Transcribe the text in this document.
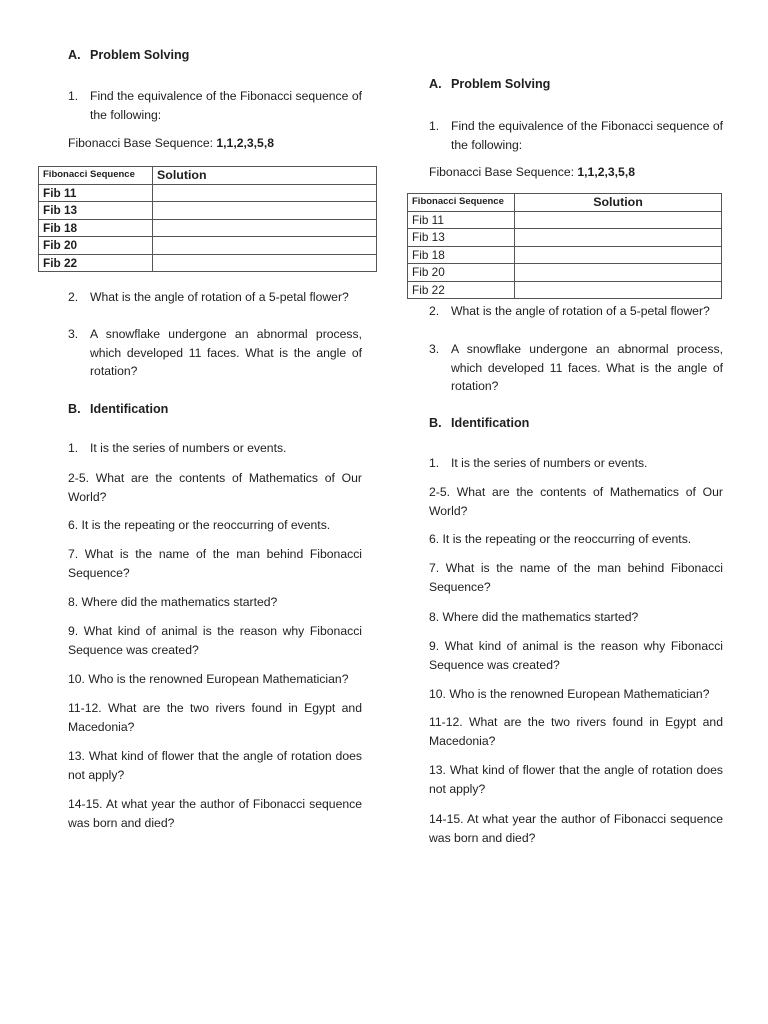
A. Problem Solving
1. Find the equivalence of the Fibonacci sequence of the following:
Fibonacci Base Sequence: 1,1,2,3,5,8
2. What is the angle of rotation of a 5-petal flower?
3. A snowflake undergone an abnormal process, which developed 11 faces. What is the angle of rotation?
B. Identification
1. It is the series of numbers or events.
2-5. What are the contents of Mathematics of Our World?
6. It is the repeating or the reoccurring of events.
7. What is the name of the man behind Fibonacci Sequence?
8. Where did the mathematics started?
9. What kind of animal is the reason why Fibonacci Sequence was created?
10. Who is the renowned European Mathematician?
11-12. What are the two rivers found in Egypt and Macedonia?
13. What kind of flower that the angle of rotation does not apply?
14-15. At what year the author of Fibonacci sequence was born and died?
Fibonacci Sequence	Solution
Fib 11	
Fib 13	
Fib 18	
Fib 20	
Fib 22	
A. Problem Solving
1. Find the equivalence of the Fibonacci sequence of the following:
Fibonacci Base Sequence: 1,1,2,3,5,8
2. What is the angle of rotation of a 5-petal flower?
3. A snowflake undergone an abnormal process, which developed 11 faces. What is the angle of rotation?
B. Identification
1. It is the series of numbers or events.
2-5. What are the contents of Mathematics of Our World?
6. It is the repeating or the reoccurring of events.
7. What is the name of the man behind Fibonacci Sequence?
8. Where did the mathematics started?
9. What kind of animal is the reason why Fibonacci Sequence was created?
10. Who is the renowned European Mathematician?
11-12. What are the two rivers found in Egypt and Macedonia?
13. What kind of flower that the angle of rotation does not apply?
14-15. At what year the author of Fibonacci sequence was born and died?
Fibonacci Sequence	Solution
Fib 11	
Fib 13	
Fib 18	
Fib 20	
Fib 22	
